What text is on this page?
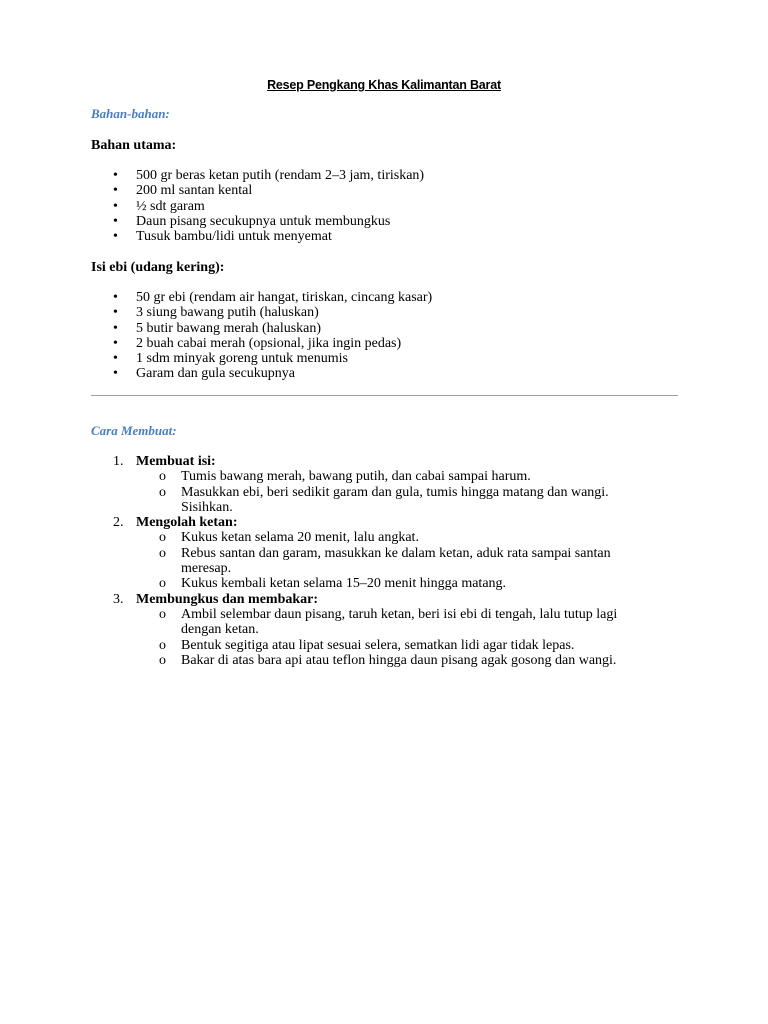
Resep Pengkang Khas Kalimantan Barat
Bahan-bahan:
Bahan utama:
• 500 gr beras ketan putih (rendam 2–3 jam, tiriskan)
• 200 ml santan kental
• ½ sdt garam
• Daun pisang secukupnya untuk membungkus
• Tusuk bambu/lidi untuk menyemat
Isi ebi (udang kering):
• 50 gr ebi (rendam air hangat, tiriskan, cincang kasar)
• 3 siung bawang putih (haluskan)
• 5 butir bawang merah (haluskan)
• 2 buah cabai merah (opsional, jika ingin pedas)
• 1 sdm minyak goreng untuk menumis
• Garam dan gula secukupnya
Cara Membuat:
1. Membuat isi:
o Tumis bawang merah, bawang putih, dan cabai sampai harum.
o Masukkan ebi, beri sedikit garam dan gula, tumis hingga matang dan wangi. Sisihkan.
2. Mengolah ketan:
o Kukus ketan selama 20 menit, lalu angkat.
o Rebus santan dan garam, masukkan ke dalam ketan, aduk rata sampai santan meresap.
o Kukus kembali ketan selama 15–20 menit hingga matang.
3. Membungkus dan membakar:
o Ambil selembar daun pisang, taruh ketan, beri isi ebi di tengah, lalu tutup lagi dengan ketan.
o Bentuk segitiga atau lipat sesuai selera, sematkan lidi agar tidak lepas.
o Bakar di atas bara api atau teflon hingga daun pisang agak gosong dan wangi.
